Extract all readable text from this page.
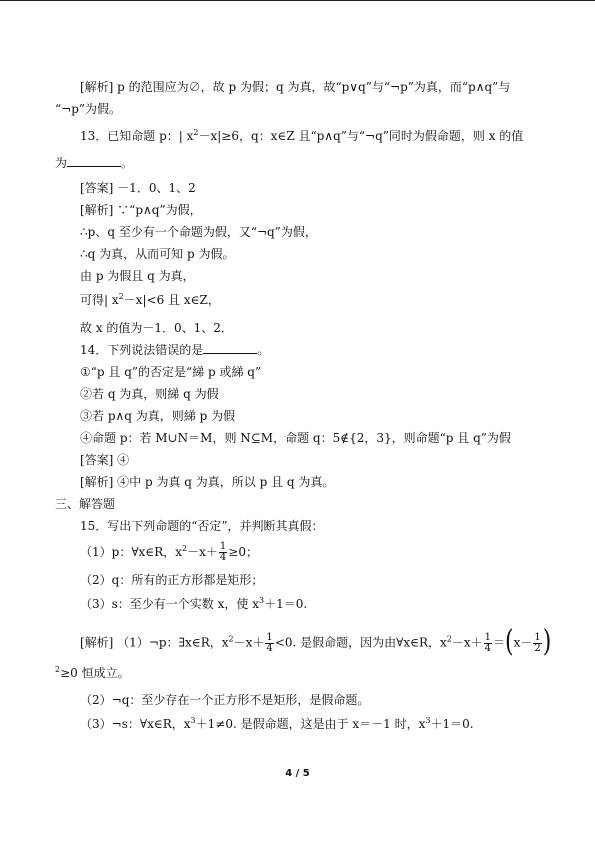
[解析] p 的范围应为∅，故 p 为假；q 为真，故“p∨q”与“¬p”为真，而“p∧q”与
“¬p”为假。
13．已知命题 p：| $x^2-x|\ge 6$，q：x∈Z 且“p∧q”与“¬q”同时为假命题，则 x 的值
为	。
[答案] －1．0、1、2
[解析] ∵“p∧q”为假，
∴p、q 至少有一个命题为假，又“¬q”为假，
∴q 为真，从而可知 p 为假。
由 p 为假且 q 为真，
可得| $x^2-x|<6$ 且 x∈Z，
故 x 的值为－1．0、1、2．
14．下列说法错误的是	。
①“p 且 q”的否定是“綈 p 或綈 q”
②若 q 为真，则綈 q 为假
③若 p∧q 为真，则綈 p 为假
④命题 p：若 M∪N＝M，则 N⊆M，命题 q：5∉{2，3}，则命题“p 且 q”为假
[答案] ④
[解析] ④中 p 为真 q 为真，所以 p 且 q 为真。
三、解答题
15．写出下列命题的“否定”，并判断其真假：
（1）p：∀x∈R，$x^2-x+ \frac{1}{4} \ge 0$；
（2）q：所有的正方形都是矩形；
（3）s：至少有一个实数 x，使 $x^3+1=0$.
[解析] （1）¬p：∃x∈R，$x^2-x+ \frac{1}{4} <0$. 是假命题，因为由∀x∈R，$x^2-x+ \frac{1}{4} =(x- \frac{1}{2}$ )
$^2$≥0 恒成立。
（2）¬q：至少存在一个正方形不是矩形，是假命题。
（3）¬s：∀x∈R，$x^3+1\ne 0$. 是假命题，这是由于 x＝－1 时，$x^3+1=0$.
4 / 5
